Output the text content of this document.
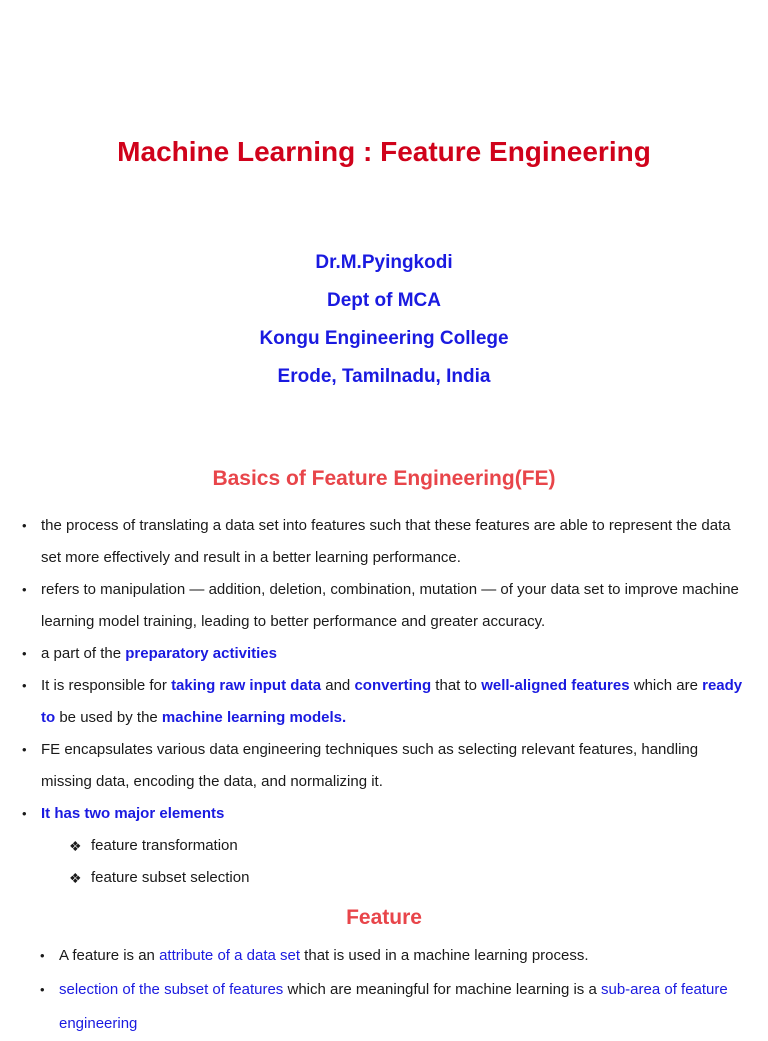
Machine Learning : Feature Engineering
Dr.M.Pyingkodi
Dept of MCA
Kongu Engineering College
Erode, Tamilnadu, India
Basics of Feature Engineering(FE)
• the process of translating a data set into features such that these features are able to represent the data set more effectively and result in a better learning performance.
• refers to manipulation — addition, deletion, combination, mutation — of your data set to improve machine learning model training, leading to better performance and greater accuracy.
• a part of the preparatory activities
• It is responsible for taking raw input data and converting that to well-aligned features which are ready to be used by the machine learning models.
• FE encapsulates various data engineering techniques such as selecting relevant features, handling missing data, encoding the data, and normalizing it.
• It has two major elements
❖ feature transformation
❖ feature subset selection
Feature
• A feature is an attribute of a data set that is used in a machine learning process.
• selection of the subset of features which are meaningful for machine learning is a sub-area of feature engineering
